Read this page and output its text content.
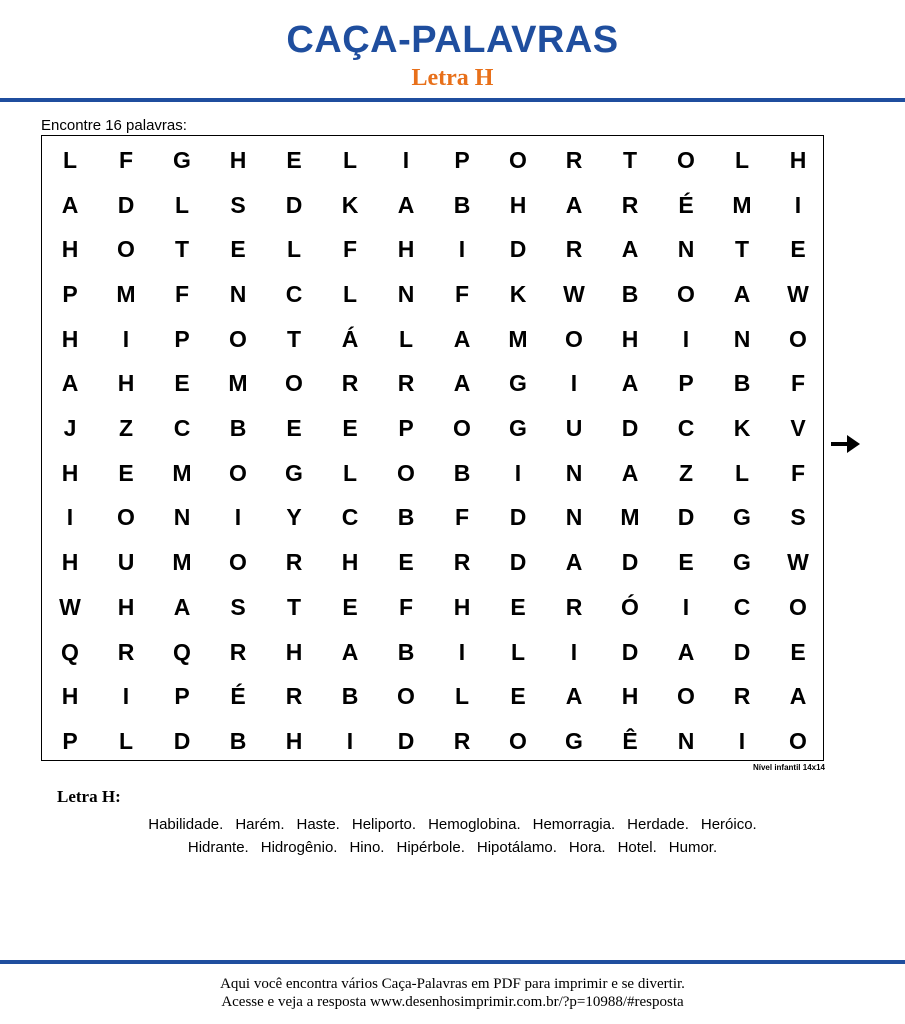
CAÇA-PALAVRAS
Letra H
Encontre 16 palavras:
L	F	G	H	E	L	I	P	O	R	T	O	L	H
A	D	L	S	D	K	A	B	H	A	R	É	M	I
H	O	T	E	L	F	H	I	D	R	A	N	T	E
P	M	F	N	C	L	N	F	K	W	B	O	A	W
H	I	P	O	T	Á	L	A	M	O	H	I	N	O
A	H	E	M	O	R	R	A	G	I	A	P	B	F
J	Z	C	B	E	E	P	O	G	U	D	C	K	V
H	E	M	O	G	L	O	B	I	N	A	Z	L	F
I	O	N	I	Y	C	B	F	D	N	M	D	G	S
H	U	M	O	R	H	E	R	D	A	D	E	G	W
W	H	A	S	T	E	F	H	E	R	Ó	I	C	O
Q	R	Q	R	H	A	B	I	L	I	D	A	D	E
H	I	P	É	R	B	O	L	E	A	H	O	R	A
P	L	D	B	H	I	D	R	O	G	Ê	N	I	O
Nível infantil 14x14
Letra H:
Habilidade. Harém. Haste. Heliporto. Hemoglobina. Hemorragia. Herdade. Heróico.
Hidrante. Hidrogênio. Hino. Hipérbole. Hipotálamo. Hora. Hotel. Humor.
Aqui você encontra vários Caça-Palavras em PDF para imprimir e se divertir.
Acesse e veja a resposta www.desenhosimprimir.com.br/?p=10988/#resposta
